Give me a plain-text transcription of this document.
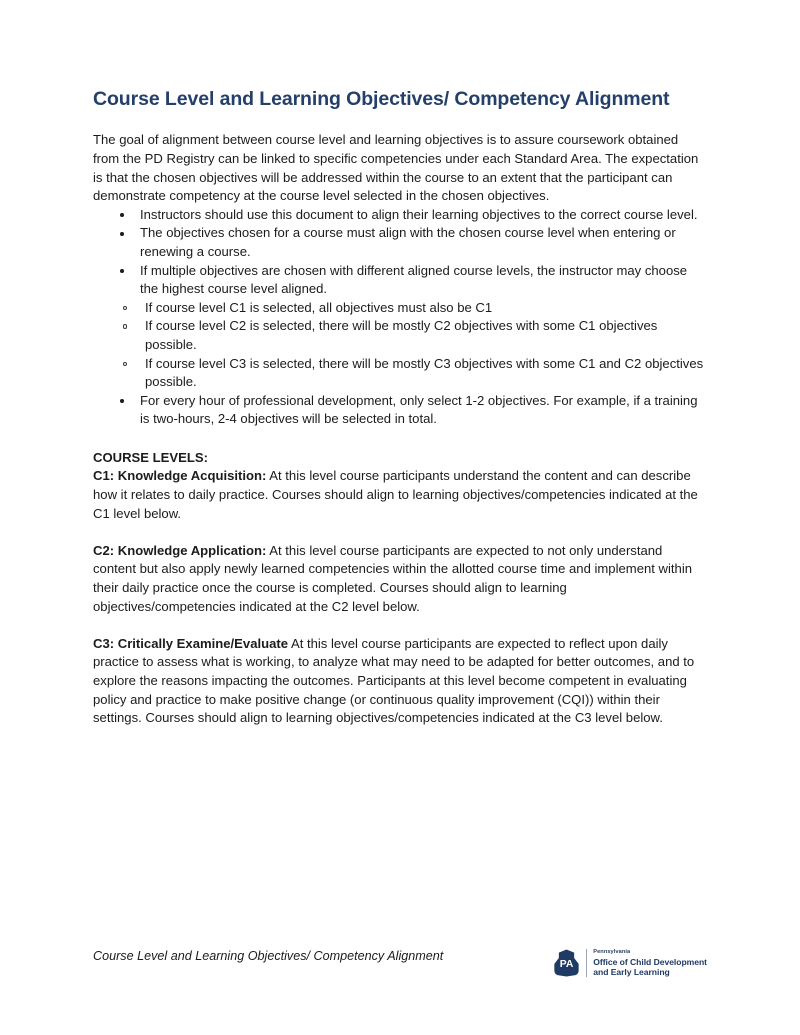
Course Level and Learning Objectives/ Competency Alignment

The goal of alignment between course level and learning objectives is to assure coursework obtained from the PD Registry can be linked to specific competencies under each Standard Area. The expectation is that the chosen objectives will be addressed within the course to an extent that the participant can demonstrate competency at the course level selected in the chosen objectives.

Instructors should use this document to align their learning objectives to the correct course level.
The objectives chosen for a course must align with the chosen course level when entering or renewing a course.
If multiple objectives are chosen with different aligned course levels, the instructor may choose the highest course level aligned.
If course level C1 is selected, all objectives must also be C1
If course level C2 is selected, there will be mostly C2 objectives with some C1 objectives possible.
If course level C3 is selected, there will be mostly C3 objectives with some C1 and C2 objectives possible.
For every hour of professional development, only select 1-2 objectives. For example, if a training is two-hours, 2-4 objectives will be selected in total.

COURSE LEVELS:

C1: Knowledge Acquisition: At this level course participants understand the content and can describe how it relates to daily practice. Courses should align to learning objectives/competencies indicated at the C1 level below.

C2: Knowledge Application: At this level course participants are expected to not only understand content but also apply newly learned competencies within the allotted course time and implement within their daily practice once the course is completed. Courses should align to learning objectives/competencies indicated at the C2 level below.

C3: Critically Examine/Evaluate At this level course participants are expected to reflect upon daily practice to assess what is working, to analyze what may need to be adapted for better outcomes, and to explore the reasons impacting the outcomes. Participants at this level become competent in evaluating policy and practice to make positive change (or continuous quality improvement (CQI)) within their settings. Courses should align to learning objectives/competencies indicated at the C3 level below.

Course Level and Learning Objectives/ Competency Alignment
PA
Pennsylvania
Office of Child Development
and Early Learning
